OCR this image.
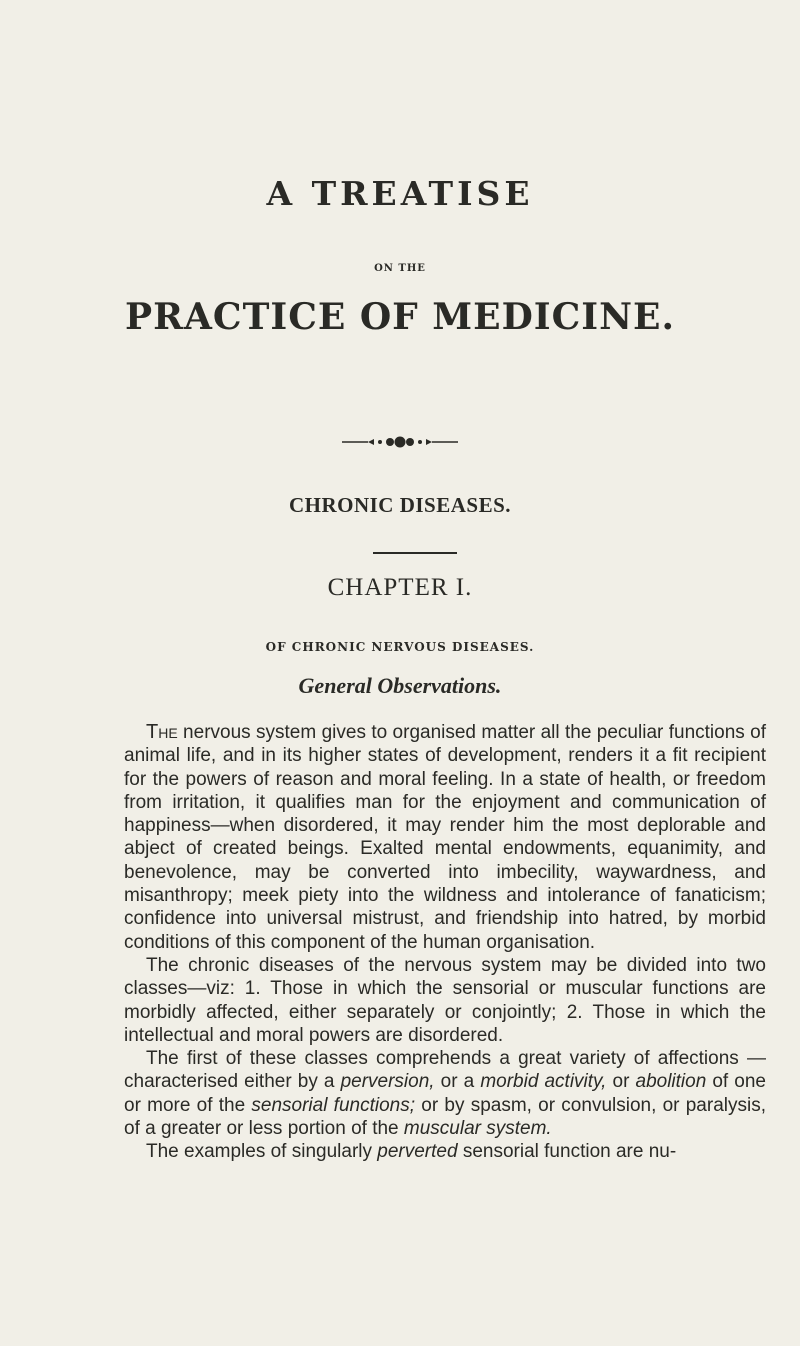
A TREATISE
ON THE
PRACTICE OF MEDICINE.
CHRONIC DISEASES.
CHAPTER I.
OF CHRONIC NERVOUS DISEASES.
General Observations.

The nervous system gives to organised matter all the peculiar functions of animal life, and in its higher states of development, renders it a fit recipient for the powers of reason and moral feeling. In a state of health, or freedom from irritation, it qualifies man for the enjoyment and communication of happiness—when disordered, it may render him the most deplorable and abject of created beings. Exalted mental endowments, equanimity, and benevolence, may be converted into imbecility, waywardness, and misanthropy; meek piety into the wildness and intolerance of fanaticism; confidence into universal mistrust, and friendship into hatred, by morbid conditions of this component of the human organisation.

The chronic diseases of the nervous system may be divided into two classes—viz: 1. Those in which the sensorial or muscular functions are morbidly affected, either separately or conjointly; 2. Those in which the intellectual and moral powers are disordered.

The first of these classes comprehends a great variety of affections —characterised either by a perversion, or a morbid activity, or abolition of one or more of the sensorial functions; or by spasm, or convulsion, or paralysis, of a greater or less portion of the muscular system.

The examples of singularly perverted sensorial function are nu-
